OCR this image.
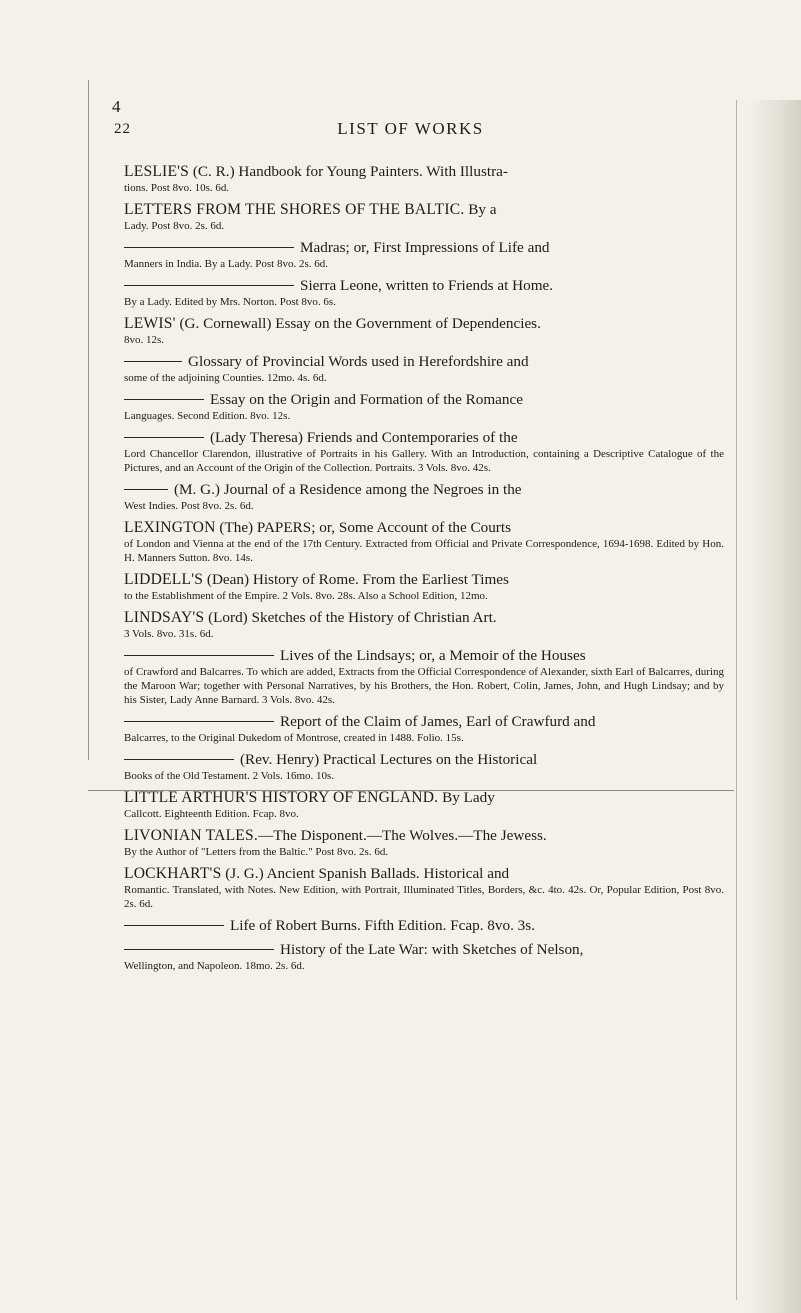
4
22	LIST OF WORKS
LESLIE'S (C. R.) Handbook for Young Painters. With Illustra-
tions. Post 8vo. 10s. 6d.
LETTERS FROM THE SHORES OF THE BALTIC. By a
Lady. Post 8vo. 2s. 6d.
Madras; or, First Impressions of Life and
Manners in India. By a Lady. Post 8vo. 2s. 6d.
Sierra Leone, written to Friends at Home.
By a Lady. Edited by Mrs. Norton. Post 8vo. 6s.
LEWIS' (G. Cornewall) Essay on the Government of Dependencies.
8vo. 12s.
Glossary of Provincial Words used in Herefordshire and
some of the adjoining Counties. 12mo. 4s. 6d.
Essay on the Origin and Formation of the Romance
Languages. Second Edition. 8vo. 12s.
(Lady Theresa) Friends and Contemporaries of the
Lord Chancellor Clarendon, illustrative of Portraits in his Gallery. With an Introduction, containing a Descriptive Catalogue of the Pictures, and an Account of the Origin of the Collection. Portraits. 3 Vols. 8vo. 42s.
(M. G.) Journal of a Residence among the Negroes in the
West Indies. Post 8vo. 2s. 6d.
LEXINGTON (The) PAPERS; or, Some Account of the Courts
of London and Vienna at the end of the 17th Century. Extracted from Official and Private Correspondence, 1694-1698. Edited by Hon. H. Manners Sutton. 8vo. 14s.
LIDDELL'S (Dean) History of Rome. From the Earliest Times
to the Establishment of the Empire. 2 Vols. 8vo. 28s. Also a School Edition, 12mo.
LINDSAY'S (Lord) Sketches of the History of Christian Art.
3 Vols. 8vo. 31s. 6d.
Lives of the Lindsays; or, a Memoir of the Houses
of Crawford and Balcarres. To which are added, Extracts from the Official Correspondence of Alexander, sixth Earl of Balcarres, during the Maroon War; together with Personal Narratives, by his Brothers, the Hon. Robert, Colin, James, John, and Hugh Lindsay; and by his Sister, Lady Anne Barnard. 3 Vols. 8vo. 42s.
Report of the Claim of James, Earl of Crawfurd and
Balcarres, to the Original Dukedom of Montrose, created in 1488. Folio. 15s.
(Rev. Henry) Practical Lectures on the Historical
Books of the Old Testament. 2 Vols. 16mo. 10s.
LITTLE ARTHUR'S HISTORY OF ENGLAND. By Lady
Callcott. Eighteenth Edition. Fcap. 8vo.
LIVONIAN TALES.—The Disponent.—The Wolves.—The Jewess.
By the Author of "Letters from the Baltic." Post 8vo. 2s. 6d.
LOCKHART'S (J. G.) Ancient Spanish Ballads. Historical and
Romantic. Translated, with Notes. New Edition, with Portrait, Illuminated Titles, Borders, &c. 4to. 42s. Or, Popular Edition, Post 8vo. 2s. 6d.
Life of Robert Burns. Fifth Edition. Fcap. 8vo. 3s.
History of the Late War: with Sketches of Nelson,
Wellington, and Napoleon. 18mo. 2s. 6d.
